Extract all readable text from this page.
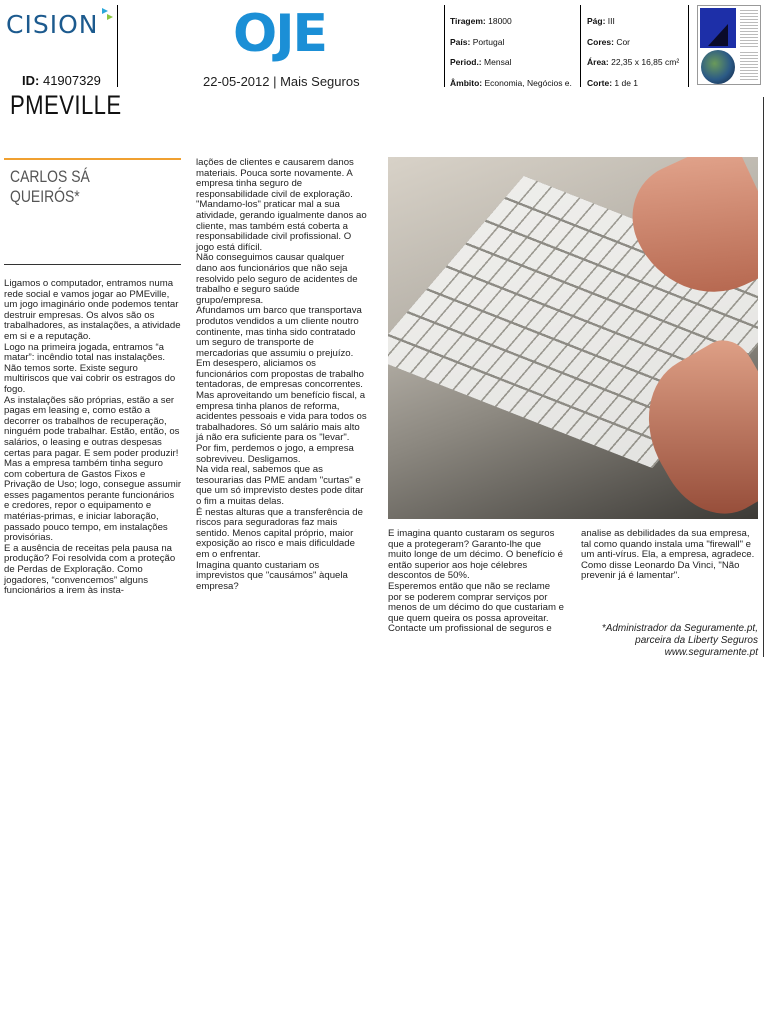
CISION
ID: 41907329
OJE
22-05-2012 | Mais Seguros
Tiragem: 18000
País: Portugal
Period.: Mensal
Âmbito: Economia, Negócios e.
Pág: III
Cores: Cor
Área: 22,35 x 16,85 cm²
Corte: 1 de 1
PMEVILLE
CARLOS SÁ QUEIRÓS*

Ligamos o computador, entramos numa rede social e vamos jogar ao PMEville, um jogo imaginário onde podemos tentar destruir empresas. Os alvos são os trabalhadores, as instalações, a atividade em si e a reputação.

Logo na primeira jogada, entramos “a matar”: incêndio total nas instalações. Não temos sorte. Existe seguro multiriscos que vai cobrir os estragos do fogo.

As instalações são próprias, estão a ser pagas em leasing e, como estão a decorrer os trabalhos de recuperação, ninguém pode trabalhar. Estão, então, os salários, o leasing e outras despesas certas para pagar. E sem poder produzir!

Mas a empresa também tinha seguro com cobertura de Gastos Fixos e Privação de Uso; logo, consegue assumir esses pagamentos perante funcionários e credores, repor o equipamento e matérias-primas, e iniciar laboração, passado pouco tempo, em instalações provisórias.

E a ausência de receitas pela pausa na produção? Foi resolvida com a proteção de Perdas de Exploração. Como jogadores, “convencemos” alguns funcionários a irem às insta-

lações de clientes e causarem danos materiais. Pouca sorte novamente. A empresa tinha seguro de responsabilidade civil de exploração. "Mandamo-los" praticar mal a sua atividade, gerando igualmente danos ao cliente, mas também está coberta a responsabilidade civil profissional. O jogo está difícil.

Não conseguimos causar qualquer dano aos funcionários que não seja resolvido pelo seguro de acidentes de trabalho e seguro saúde grupo/empresa.

Afundamos um barco que transportava produtos vendidos a um cliente noutro continente, mas tinha sido contratado um seguro de transporte de mercadorias que assumiu o prejuízo.

Em desespero, aliciamos os funcionários com propostas de trabalho tentadoras, de empresas concorrentes.

Mas aproveitando um benefício fiscal, a empresa tinha planos de reforma, acidentes pessoais e vida para todos os trabalhadores. Só um salário mais alto já não era suficiente para os "levar".

Por fim, perdemos o jogo, a empresa sobreviveu. Desligamos.

Na vida real, sabemos que as tesourarias das PME andam "curtas" e que um só imprevisto destes pode ditar o fim a muitas delas.

É nestas alturas que a transferência de riscos para seguradoras faz mais sentido. Menos capital próprio, maior exposição ao risco e mais dificuldade em o enfrentar.

Imagina quanto custariam os imprevistos que "causámos" àquela empresa?

E imagina quanto custaram os seguros que a protegeram? Garanto-lhe que muito longe de um décimo. O benefício é então superior aos hoje célebres descontos de 50%.

Esperemos então que não se reclame por se poderem comprar serviços por menos de um décimo do que custariam e que quem queira os possa aproveitar.

Contacte um profissional de seguros e

analise as debilidades da sua empresa, tal como quando instala uma "firewall" e um anti-vírus. Ela, a empresa, agradece.

Como disse Leonardo Da Vinci, "Não prevenir já é lamentar".

*Administrador da Seguramente.pt,
parceira da Liberty Seguros
www.seguramente.pt
